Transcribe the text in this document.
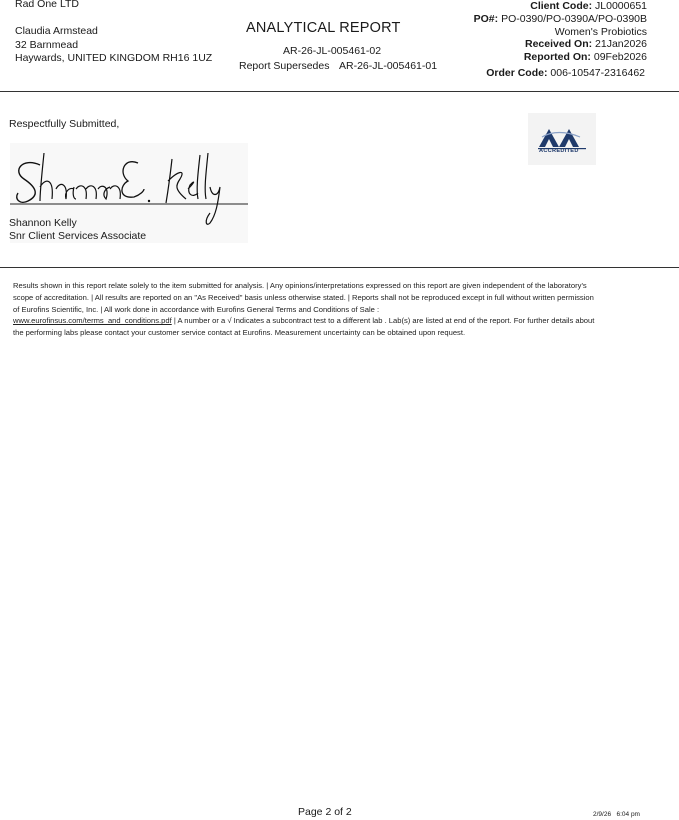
Rad One LTD
Claudia Armstead
32 Barnmead
Haywards, UNITED KINGDOM RH16 1UZ
ANALYTICAL REPORT
AR-26-JL-005461-02
Report Supersedes AR-26-JL-005461-01
Client Code: JL0000651
PO#: PO-0390/PO-0390A/PO-0390B
Women's Probiotics
Received On: 21Jan2026
Reported On: 09Feb2026
Order Code: 006-10547-2316462
Respectfully Submitted,
Shannon Kelly
Snr Client Services Associate
ACCREDITED
Results shown in this report relate solely to the item submitted for analysis. | Any opinions/interpretations expressed on this report are given independent of the laboratory's scope of accreditation. | All results are reported on an "As Received" basis unless otherwise stated. | Reports shall not be reproduced except in full without written permission of Eurofins Scientific, Inc. | All work done in accordance with Eurofins General Terms and Conditions of Sale :
www.eurofinsus.com/terms_and_conditions.pdf | A number or a √ Indicates a subcontract test to a different lab . Lab(s) are listed at end of the report. For further details about the performing labs please contact your customer service contact at Eurofins. Measurement uncertainty can be obtained upon request.
Page 2 of 2	2/9/26   6:04 pm
